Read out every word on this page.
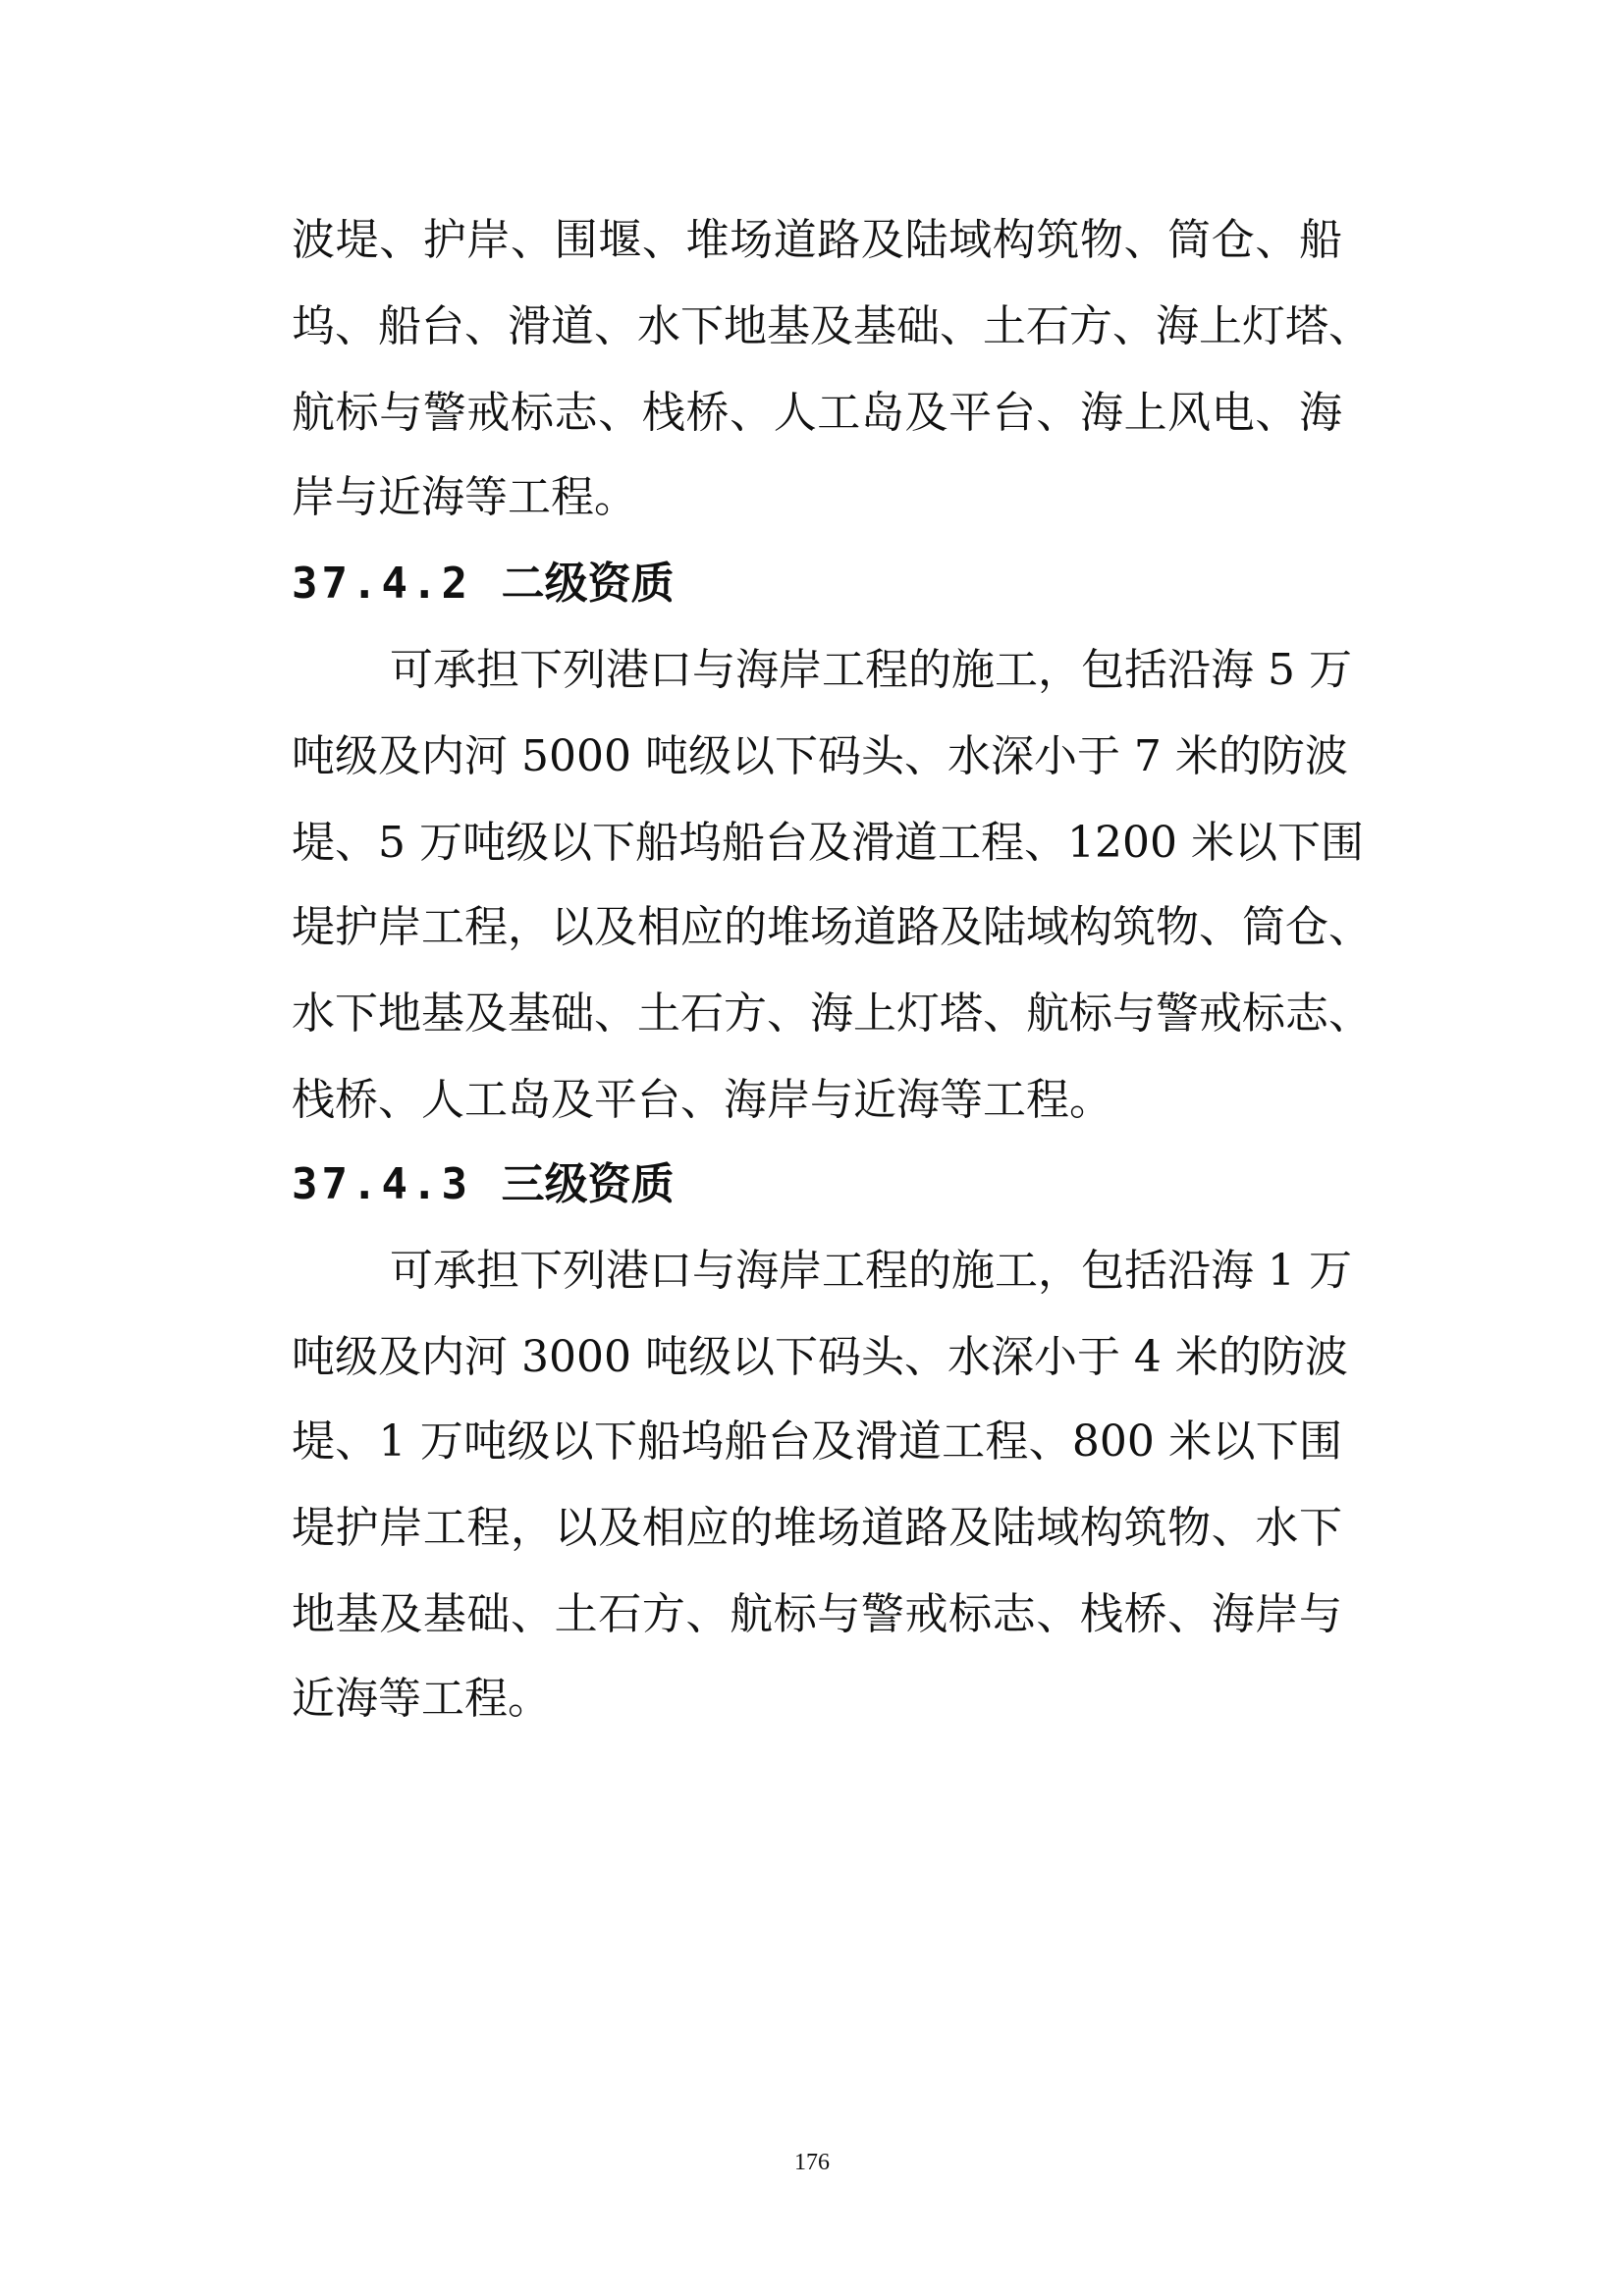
波堤、护岸、围堰、堆场道路及陆域构筑物、筒仓、船
坞、船台、滑道、水下地基及基础、土石方、海上灯塔、
航标与警戒标志、栈桥、人工岛及平台、海上风电、海
岸与近海等工程。
37.4.2 二级资质
可承担下列港口与海岸工程的施工，包括沿海 5 万
吨级及内河 5000 吨级以下码头、水深小于 7 米的防波
堤、5 万吨级以下船坞船台及滑道工程、1200 米以下围
堤护岸工程，以及相应的堆场道路及陆域构筑物、筒仓、
水下地基及基础、土石方、海上灯塔、航标与警戒标志、
栈桥、人工岛及平台、海岸与近海等工程。
37.4.3 三级资质
可承担下列港口与海岸工程的施工，包括沿海 1 万
吨级及内河 3000 吨级以下码头、水深小于 4 米的防波
堤、1 万吨级以下船坞船台及滑道工程、800 米以下围
堤护岸工程，以及相应的堆场道路及陆域构筑物、水下
地基及基础、土石方、航标与警戒标志、栈桥、海岸与
近海等工程。
176
